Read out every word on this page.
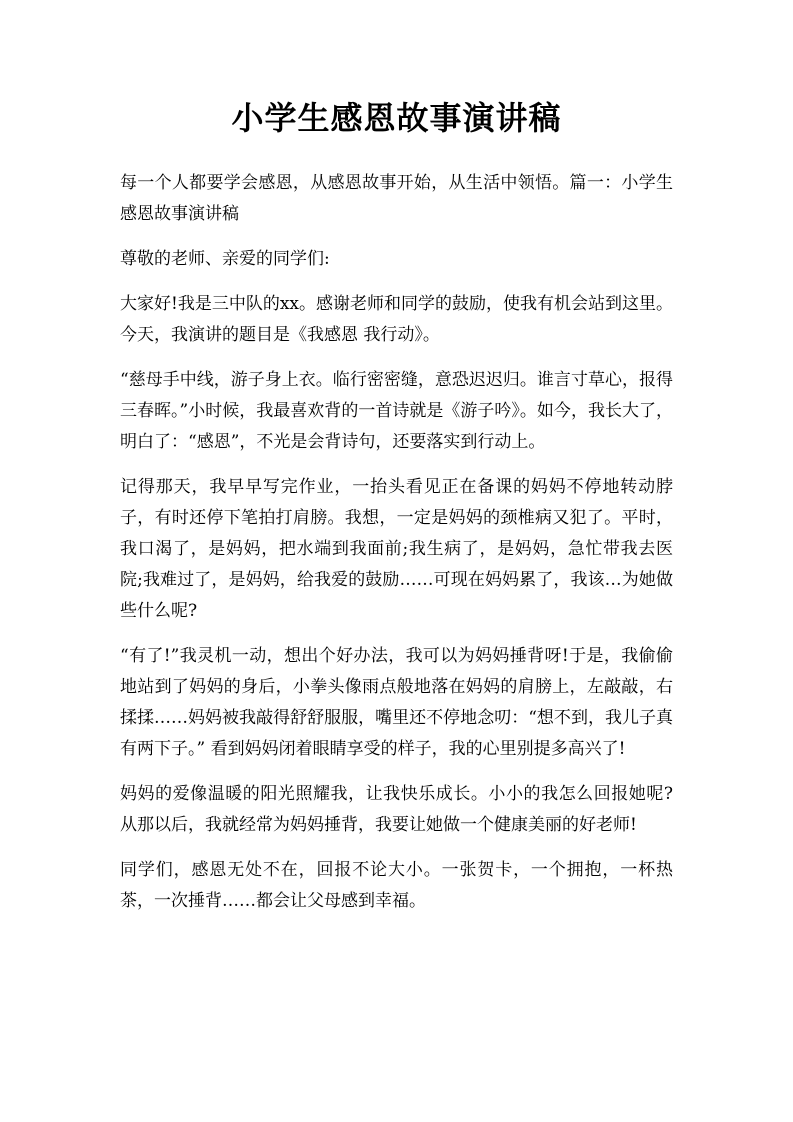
小学生感恩故事演讲稿

每一个人都要学会感恩，从感恩故事开始，从生活中领悟。篇一：小学生感恩故事演讲稿

尊敬的老师、亲爱的同学们:

大家好!我是三中队的xx。感谢老师和同学的鼓励，使我有机会站到这里。今天，我演讲的题目是《我感恩 我行动》。

“慈母手中线，游子身上衣。临行密密缝，意恐迟迟归。谁言寸草心，报得三春晖。”小时候，我最喜欢背的一首诗就是《游子吟》。如今，我长大了，明白了：“感恩”，不光是会背诗句，还要落实到行动上。

记得那天，我早早写完作业，一抬头看见正在备课的妈妈不停地转动脖子，有时还停下笔拍打肩膀。我想，一定是妈妈的颈椎病又犯了。平时，我口渴了，是妈妈，把水端到我面前;我生病了，是妈妈，急忙带我去医院;我难过了，是妈妈，给我爱的鼓励……可现在妈妈累了，我该…为她做些什么呢?

“有了!”我灵机一动，想出个好办法，我可以为妈妈捶背呀!于是，我偷偷地站到了妈妈的身后，小拳头像雨点般地落在妈妈的肩膀上，左敲敲，右揉揉……妈妈被我敲得舒舒服服，嘴里还不停地念叨：“想不到，我儿子真有两下子。” 看到妈妈闭着眼睛享受的样子，我的心里别提多高兴了!

妈妈的爱像温暖的阳光照耀我，让我快乐成长。小小的我怎么回报她呢?从那以后，我就经常为妈妈捶背，我要让她做一个健康美丽的好老师!

同学们，感恩无处不在，回报不论大小。一张贺卡，一个拥抱，一杯热茶，一次捶背……都会让父母感到幸福。
